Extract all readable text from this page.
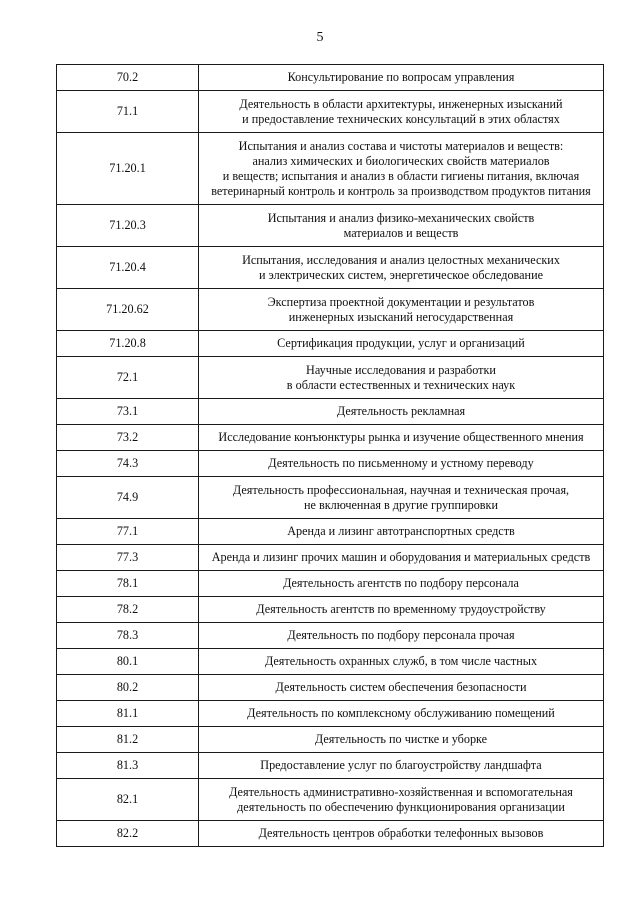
5
70.2	Консультирование по вопросам управления
71.1	Деятельность в области архитектуры, инженерных изысканий
и предоставление технических консультаций в этих областях
71.20.1	Испытания и анализ состава и чистоты материалов и веществ:
анализ химических и биологических свойств материалов
и веществ; испытания и анализ в области гигиены питания, включая
ветеринарный контроль и контроль за производством продуктов питания
71.20.3	Испытания и анализ физико-механических свойств
материалов и веществ
71.20.4	Испытания, исследования и анализ целостных механических
и электрических систем, энергетическое обследование
71.20.62	Экспертиза проектной документации и результатов
инженерных изысканий негосударственная
71.20.8	Сертификация продукции, услуг и организаций
72.1	Научные исследования и разработки
в области естественных и технических наук
73.1	Деятельность рекламная
73.2	Исследование конъюнктуры рынка и изучение общественного мнения
74.3	Деятельность по письменному и устному переводу
74.9	Деятельность профессиональная, научная и техническая прочая,
не включенная в другие группировки
77.1	Аренда и лизинг автотранспортных средств
77.3	Аренда и лизинг прочих машин и оборудования и материальных средств
78.1	Деятельность агентств по подбору персонала
78.2	Деятельность агентств по временному трудоустройству
78.3	Деятельность по подбору персонала прочая
80.1	Деятельность охранных служб, в том числе частных
80.2	Деятельность систем обеспечения безопасности
81.1	Деятельность по комплексному обслуживанию помещений
81.2	Деятельность по чистке и уборке
81.3	Предоставление услуг по благоустройству ландшафта
82.1	Деятельность административно-хозяйственная и вспомогательная
деятельность по обеспечению функционирования организации
82.2	Деятельность центров обработки телефонных вызовов
